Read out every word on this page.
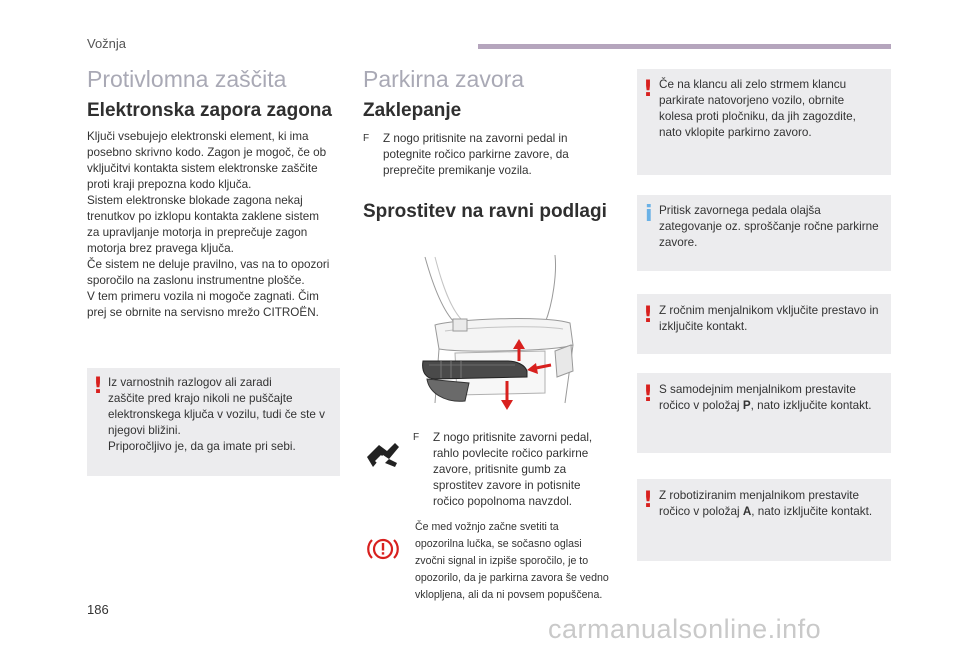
Vožnja
Protivlomna zaščita
Elektronska zapora zagona

Ključi vsebujejo elektronski element, ki ima

posebno skrivno kodo. Zagon je mogoč, če ob

vključitvi kontakta sistem elektronske zaščite

proti kraji prepozna kodo ključa.

Sistem elektronske blokade zagona nekaj

trenutkov po izklopu kontakta zaklene sistem

za upravljanje motorja in preprečuje zagon

motorja brez pravega ključa.

Če sistem ne deluje pravilno, vas na to opozori

sporočilo na zaslonu instrumentne plošče.

V tem primeru vozila ni mogoče zagnati. Čim

prej se obrnite na servisno mrežo CITROËN.

! Iz varnostnih razlogov ali zaradi

zaščite pred krajo nikoli ne puščajte

elektronskega ključa v vozilu, tudi če ste v

njegovi bližini.

Priporočljivo je, da ga imate pri sebi.

Parkirna zavora
Zaklepanje
F	Z nogo pritisnite na zavorni pedal in

potegnite ročico parkirne zavore, da

preprečite premikanje vozila.

Sprostitev na ravni podlagi
F	Z nogo pritisnite zavorni pedal,

rahlo povlecite ročico parkirne

zavore, pritisnite gumb za

sprostitev zavore in potisnite

ročico popolnoma navzdol.

Če med vožnjo začne svetiti ta

opozorilna lučka, se sočasno oglasi

zvočni signal in izpiše sporočilo, je to

opozorilo, da je parkirna zavora še vedno

vklopljena, ali da ni povsem popuščena.

! Če na klancu ali zelo strmem klancu

parkirate natovorjeno vozilo, obrnite

kolesa proti pločniku, da jih zagozdite,

nato vklopite parkirno zavoro.

i Pritisk zavornega pedala olajša

zategovanje oz. sproščanje ročne parkirne

zavore.

! Z ročnim menjalnikom vključite prestavo in

izključite kontakt.

! S samodejnim menjalnikom prestavite

ročico v položaj P, nato izključite kontakt.

! Z robotiziranim menjalnikom prestavite

ročico v položaj A, nato izključite kontakt.

186
carmanualsonline.info
